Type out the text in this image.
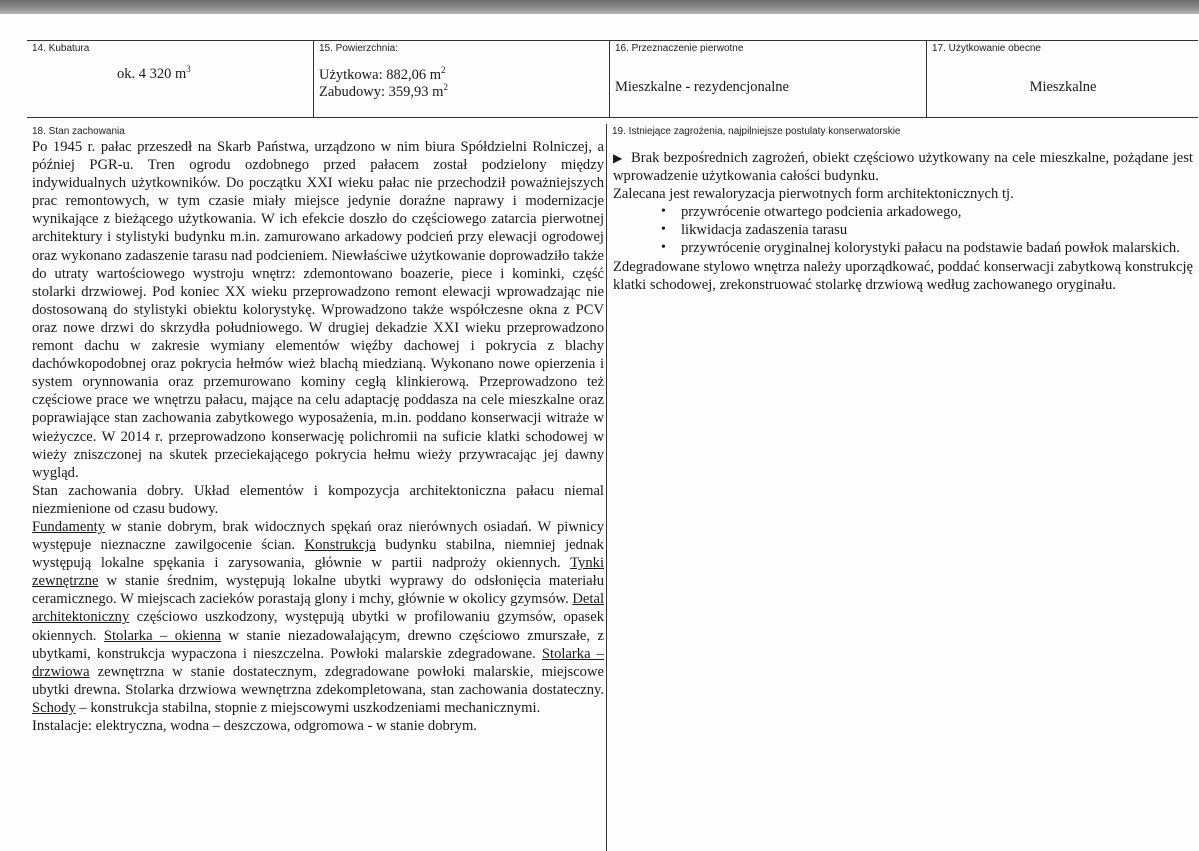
14. Kubatura
ok. 4 320 $m^3$
15. Powierzchnia:
Użytkowa: 882,06 $m^2$
Zabudowy: 359,93 $m^2$
16. Przeznaczenie pierwotne
Mieszkalne - rezydencjonalne
17. Użytkowanie obecne
Mieszkalne
18. Stan zachowania
Po 1945 r. pałac przeszedł na Skarb Państwa, urządzono w nim biura Spółdzielni Rolniczej, a później PGR-u. Tren ogrodu ozdobnego przed pałacem został podzielony między indywidualnych użytkowników. Do początku XXI wieku pałac nie przechodził poważniejszych prac remontowych, w tym czasie miały miejsce jedynie doraźne naprawy i modernizacje wynikające z bieżącego użytkowania. W ich efekcie doszło do częściowego zatarcia pierwotnej architektury i stylistyki budynku m.in. zamurowano arkadowy podcień przy elewacji ogrodowej oraz wykonano zadaszenie tarasu nad podcieniem. Niewłaściwe użytkowanie doprowadziło także do utraty wartościowego wystroju wnętrz: zdemontowano boazerie, piece i kominki, część stolarki drzwiowej. Pod koniec XX wieku przeprowadzono remont elewacji wprowadzając nie dostosowaną do stylistyki obiektu kolorystykę. Wprowadzono także współczesne okna z PCV oraz nowe drzwi do skrzydła południowego. W drugiej dekadzie XXI wieku przeprowadzono remont dachu w zakresie wymiany elementów więźby dachowej i pokrycia z blachy dachówkopodobnej oraz pokrycia hełmów wież blachą miedzianą. Wykonano nowe opierzenia i system orynnowania oraz przemurowano kominy cegłą klinkierową. Przeprowadzono też częściowe prace we wnętrzu pałacu, mające na celu adaptację poddasza na cele mieszkalne oraz poprawiające stan zachowania zabytkowego wyposażenia, m.in. poddano konserwacji witraże w wieżyczce. W 2014 r. przeprowadzono konserwację polichromii na suficie klatki schodowej w wieży zniszczonej na skutek przeciekającego pokrycia hełmu wieży przywracając jej dawny wygląd.
Stan zachowania dobry. Układ elementów i kompozycja architektoniczna pałacu niemal niezmienione od czasu budowy.
Fundamenty w stanie dobrym, brak widocznych spękań oraz nierównych osiadań. W piwnicy występuje nieznaczne zawilgocenie ścian. Konstrukcja budynku stabilna, niemniej jednak występują lokalne spękania i zarysowania, głównie w partii nadproży okiennych. Tynki zewnętrzne w stanie średnim, występują lokalne ubytki wyprawy do odsłonięcia materiału ceramicznego. W miejscach zacieków porastają glony i mchy, głównie w okolicy gzymsów. Detal architektoniczny częściowo uszkodzony, występują ubytki w profilowaniu gzymsów, opasek okiennych. Stolarka – okienna w stanie niezadowalającym, drewno częściowo zmurszałe, z ubytkami, konstrukcja wypaczona i nieszczelna. Powłoki malarskie zdegradowane. Stolarka – drzwiowa zewnętrzna w stanie dostatecznym, zdegradowane powłoki malarskie, miejscowe ubytki drewna. Stolarka drzwiowa wewnętrzna zdekompletowana, stan zachowania dostateczny. Schody – konstrukcja stabilna, stopnie z miejscowymi uszkodzeniami mechanicznymi.
Instalacje: elektryczna, wodna – deszczowa, odgromowa - w stanie dobrym.
19. Istniejące zagrożenia, najpilniejsze postulaty konserwatorskie

▶ Brak bezpośrednich zagrożeń, obiekt częściowo użytkowany na cele mieszkalne, pożądane jest wprowadzenie użytkowania całości budynku.

Zalecana jest rewaloryzacja pierwotnych form architektonicznych tj.

• przywrócenie otwartego podcienia arkadowego,
• likwidacja zadaszenia tarasu
• przywrócenie oryginalnej kolorystyki pałacu na podstawie badań powłok malarskich.

Zdegradowane stylowo wnętrza należy uporządkować, poddać konserwacji zabytkową konstrukcję klatki schodowej, zrekonstruować stolarkę drzwiową według zachowanego oryginału.
